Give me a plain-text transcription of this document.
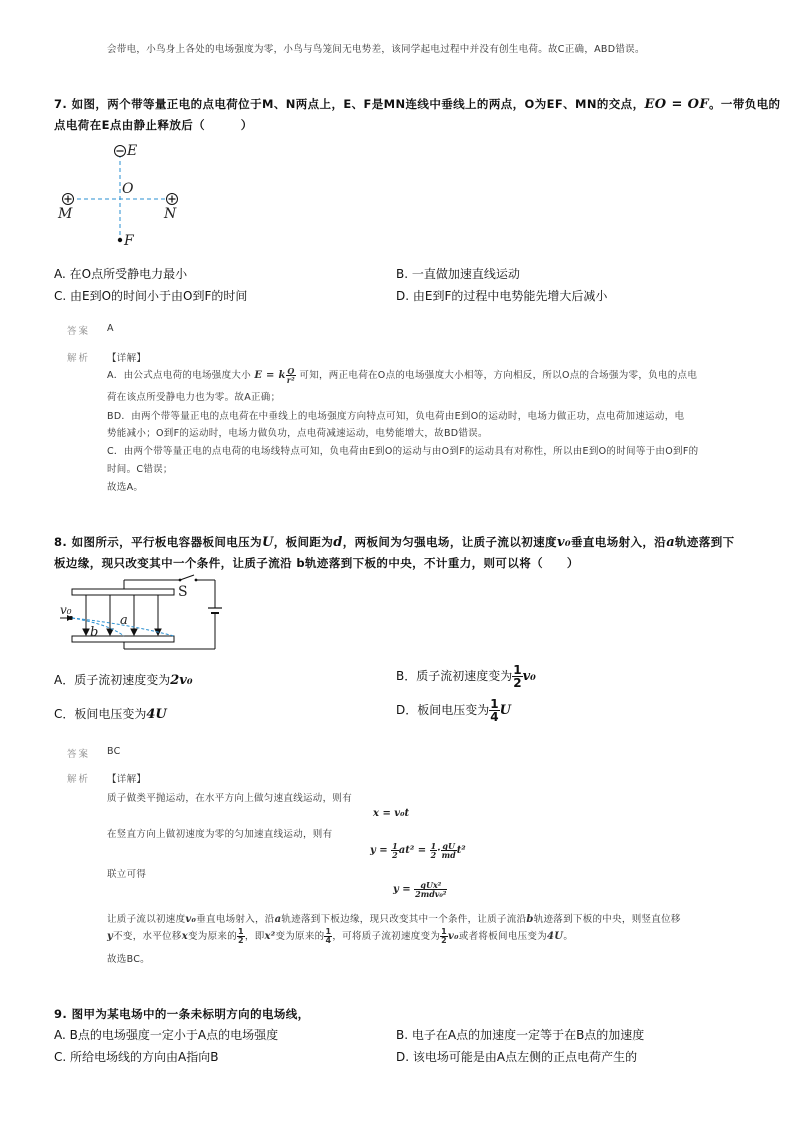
会带电，小鸟身上各处的电场强度为零，小鸟与鸟笼间无电势差，该同学起电过程中并没有创生电荷。故C正确，ABD错误。
7. 如图，两个带等量正电的点电荷位于M、N两点上，E、F是MN连线中垂线上的两点，O为EF、MN的交点，EO = OF。一带负电的
点电荷在E点由静止释放后（　　　）
E
O
M	N
F
A. 在O点所受静电力最小	B. 一直做加速直线运动
C. 由E到O的时间小于由O到F的时间	D. 由E到F的过程中电势能先增大后减小
答案 A
解析 【详解】
A．由公式点电荷的电场强度大小 E = k $\frac{Q}{\text{r²}}$ 可知，两正电荷在O点的电场强度大小相等，方向相反，所以O点的合场强为零，负电的点电
荷在该点所受静电力也为零。故A正确；
BD．由两个带等量正电的点电荷在中垂线上的电场强度方向特点可知，负电荷由E到O的运动时，电场力做正功，点电荷加速运动，电
势能减小；O到F的运动时，电场力做负功，点电荷减速运动，电势能增大，故BD错误。
C．由两个带等量正电的点电荷的电场线特点可知，负电荷由E到O的运动与由O到F的运动具有对称性，所以由E到O的时间等于由O到F的
时间。C错误；
故选A。
8. 如图所示，平行板电容器板间电压为U，板间距为d，两板间为匀强电场，让质子流以初速度v₀垂直电场射入，沿a轨迹落到下
板边缘，现只改变其中一个条件，让质子流沿 b轨迹落到下板的中央，不计重力，则可以将（　　）
S
v₀
a
b
A．质子流初速度变为2v₀	B．质子流初速度变为 $\frac{1}{2} v_0$
C．板间电压变为4U	D．板间电压变为 $\frac{1}{4}$ U
答案 BC
解析 【详解】
质子做类平抛运动，在水平方向上做匀速直线运动，则有
x = v₀t
在竖直方向上做初速度为零的匀加速直线运动，则有
$y = \frac{1}{2} at^2 = \frac{1}{2} \cdot \frac{qU}{md} t^2$
联立可得
$y = \frac{\text{qUx²}}{\text{2mdv₀²}}$
让质子流以初速度v₀垂直电场射入，沿a轨迹落到下板边缘，现只改变其中一个条件，让质子流沿b轨迹落到下板的中央，则竖直位移
y不变，水平位移x变为原来的 $\frac{1}{2}$ ，即x²变为原来的 $\frac{1}{4}$ ，可将质子流初速度变为 $\frac{1}{2} v_0$或者将板间电压变为4U。
故选BC。
9. 图甲为某电场中的一条未标明方向的电场线，
A. B点的电场强度一定小于A点的电场强度	B. 电子在A点的加速度一定等于在B点的加速度
C. 所给电场线的方向由A指向B	D. 该电场可能是由A点左侧的正点电荷产生的
